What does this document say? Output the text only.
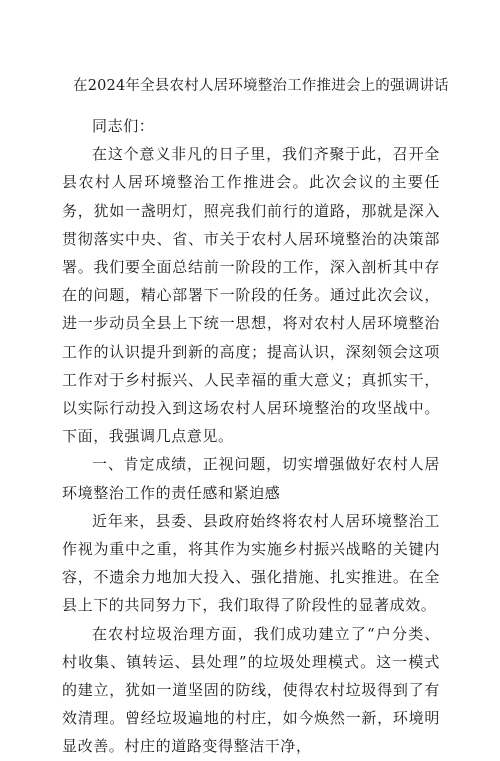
在2024年全县农村人居环境整治工作推进会上的强调讲话

同志们：

在这个意义非凡的日子里，我们齐聚于此，召开全县农村人居环境整治工作推进会。此次会议的主要任务，犹如一盏明灯，照亮我们前行的道路，那就是深入贯彻落实中央、省、市关于农村人居环境整治的决策部署。我们要全面总结前一阶段的工作，深入剖析其中存在的问题，精心部署下一阶段的任务。通过此次会议，进一步动员全县上下统一思想，将对农村人居环境整治工作的认识提升到新的高度；提高认识，深刻领会这项工作对于乡村振兴、人民幸福的重大意义；真抓实干，以实际行动投入到这场农村人居环境整治的攻坚战中。下面，我强调几点意见。

一、肯定成绩，正视问题，切实增强做好农村人居环境整治工作的责任感和紧迫感

近年来，县委、县政府始终将农村人居环境整治工作视为重中之重，将其作为实施乡村振兴战略的关键内容，不遗余力地加大投入、强化措施、扎实推进。在全县上下的共同努力下，我们取得了阶段性的显著成效。

在农村垃圾治理方面，我们成功建立了“户分类、村收集、镇转运、县处理”的垃圾处理模式。这一模式的建立，犹如一道坚固的防线，使得农村垃圾得到了有效清理。曾经垃圾遍地的村庄，如今焕然一新，环境明显改善。村庄的道路变得整洁干净，
